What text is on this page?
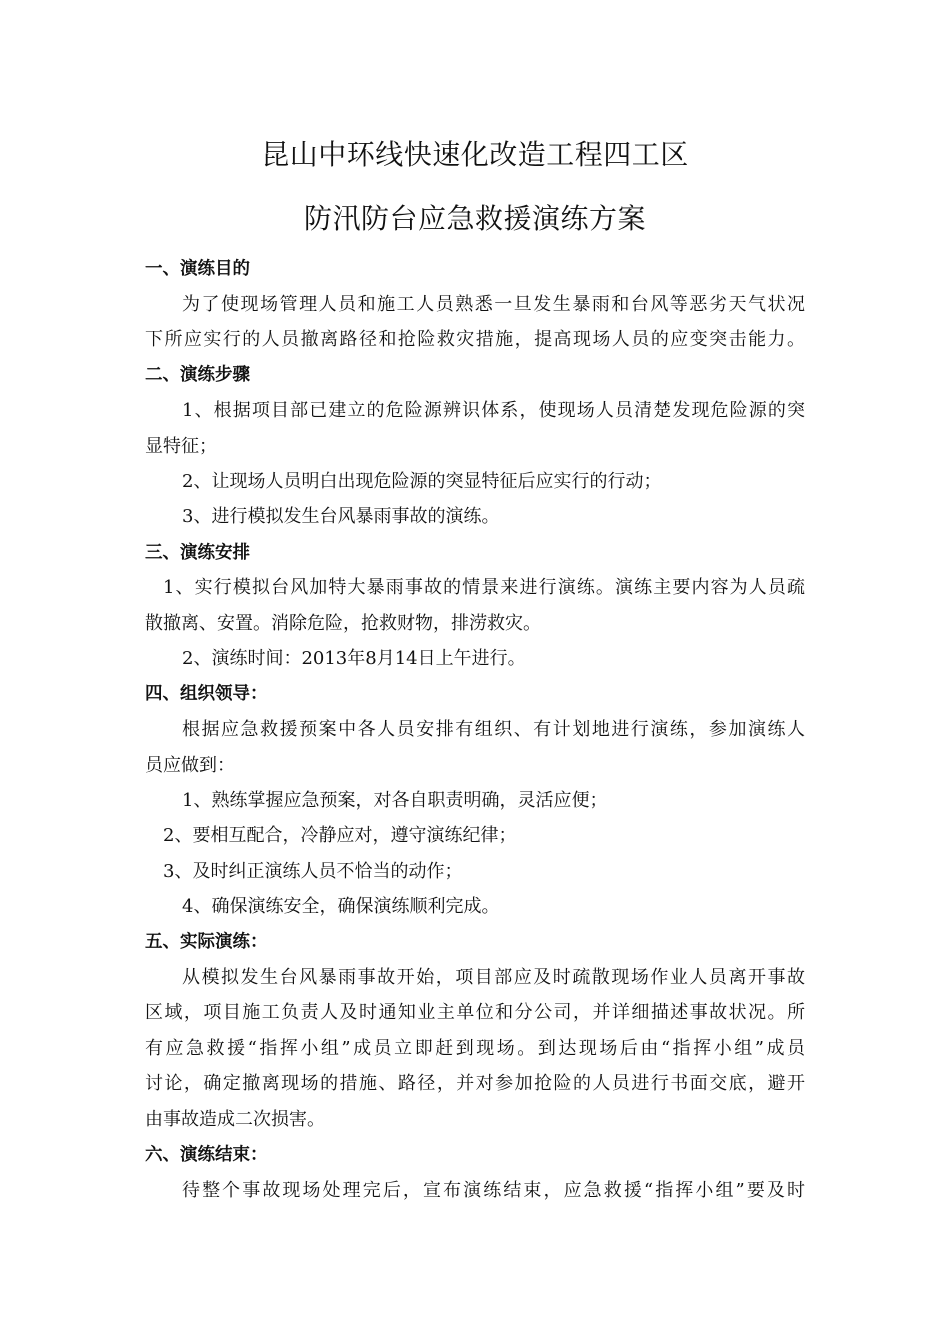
昆山中环线快速化改造工程四工区
防汛防台应急救援演练方案
一、演练目的
为了使现场管理人员和施工人员熟悉一旦发生暴雨和台风等恶劣天气状况
下所应实行的人员撤离路径和抢险救灾措施，提高现场人员的应变突击能力。
二、演练步骤
1、根据项目部已建立的危险源辨识体系，使现场人员清楚发现危险源的突
显特征；
2、让现场人员明白出现危险源的突显特征后应实行的行动；
3、进行模拟发生台风暴雨事故的演练。
三、演练安排
1、实行模拟台风加特大暴雨事故的情景来进行演练。演练主要内容为人员疏
散撤离、安置。消除危险，抢救财物，排涝救灾。
2、演练时间：2013年8月14日上午进行。
四、组织领导：
根据应急救援预案中各人员安排有组织、有计划地进行演练，参加演练人
员应做到：
1、熟练掌握应急预案，对各自职责明确，灵活应便；
2、要相互配合，冷静应对，遵守演练纪律；
3、及时纠正演练人员不恰当的动作；
4、确保演练安全，确保演练顺利完成。
五、实际演练：
从模拟发生台风暴雨事故开始，项目部应及时疏散现场作业人员离开事故
区域，项目施工负责人及时通知业主单位和分公司，并详细描述事故状况。所
有应急救援“指挥小组”成员立即赶到现场。到达现场后由“指挥小组”成员
讨论，确定撤离现场的措施、路径，并对参加抢险的人员进行书面交底，避开
由事故造成二次损害。
六、演练结束：
待整个事故现场处理完后，宣布演练结束，应急救援“指挥小组”要及时
